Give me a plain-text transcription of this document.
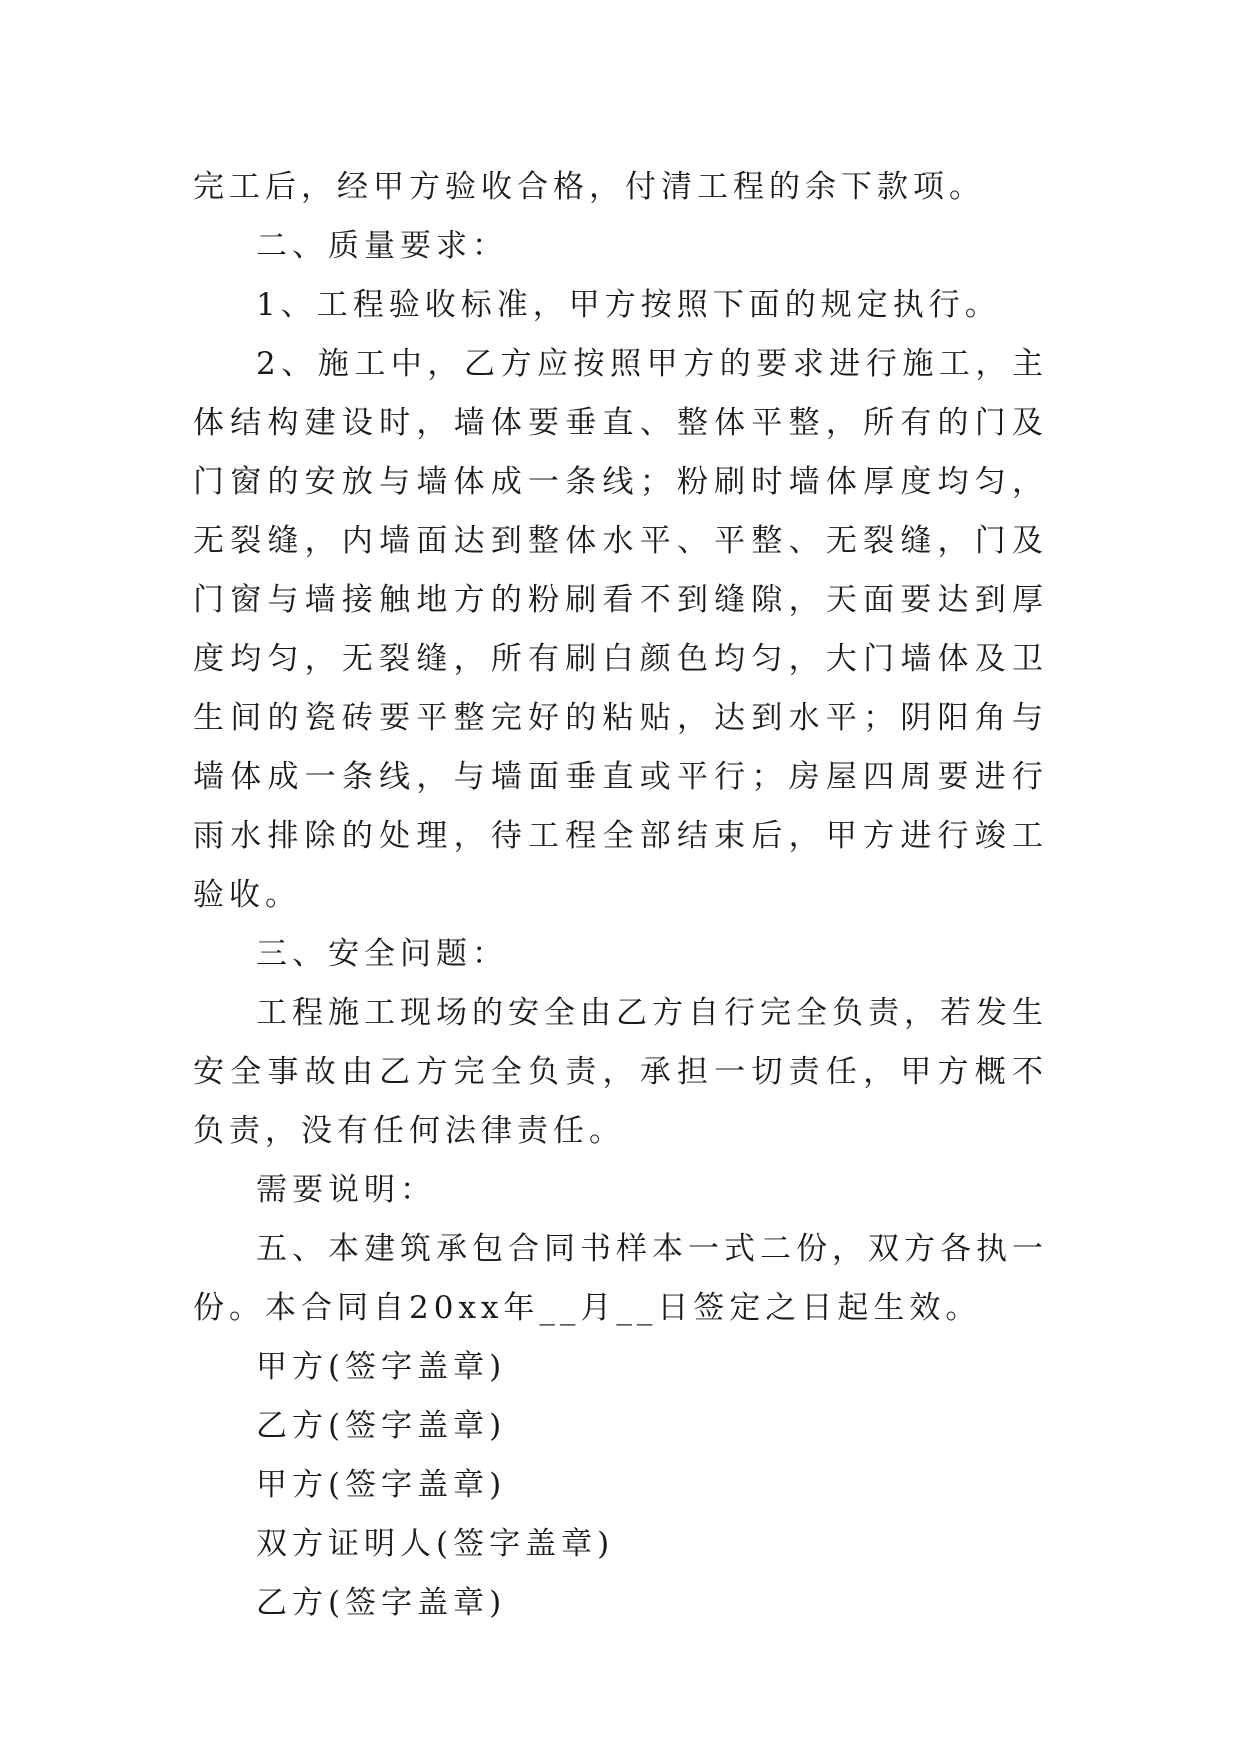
完工后，经甲方验收合格，付清工程的余下款项。

二、质量要求：

1、工程验收标准，甲方按照下面的规定执行。

2、施工中，乙方应按照甲方的要求进行施工，主体结构建设时，墙体要垂直、整体平整，所有的门及门窗的安放与墙体成一条线；粉刷时墙体厚度均匀，无裂缝，内墙面达到整体水平、平整、无裂缝，门及门窗与墙接触地方的粉刷看不到缝隙，天面要达到厚度均匀，无裂缝，所有刷白颜色均匀，大门墙体及卫生间的瓷砖要平整完好的粘贴，达到水平；阴阳角与墙体成一条线，与墙面垂直或平行；房屋四周要进行雨水排除的处理，待工程全部结束后，甲方进行竣工验收。

三、安全问题：

工程施工现场的安全由乙方自行完全负责，若发生安全事故由乙方完全负责，承担一切责任，甲方概不负责，没有任何法律责任。

需要说明：

五、本建筑承包合同书样本一式二份，双方各执一份。本合同自20xx年__月__日签定之日起生效。

甲方(签字盖章)

乙方(签字盖章)

甲方(签字盖章)

双方证明人(签字盖章)

乙方(签字盖章)
